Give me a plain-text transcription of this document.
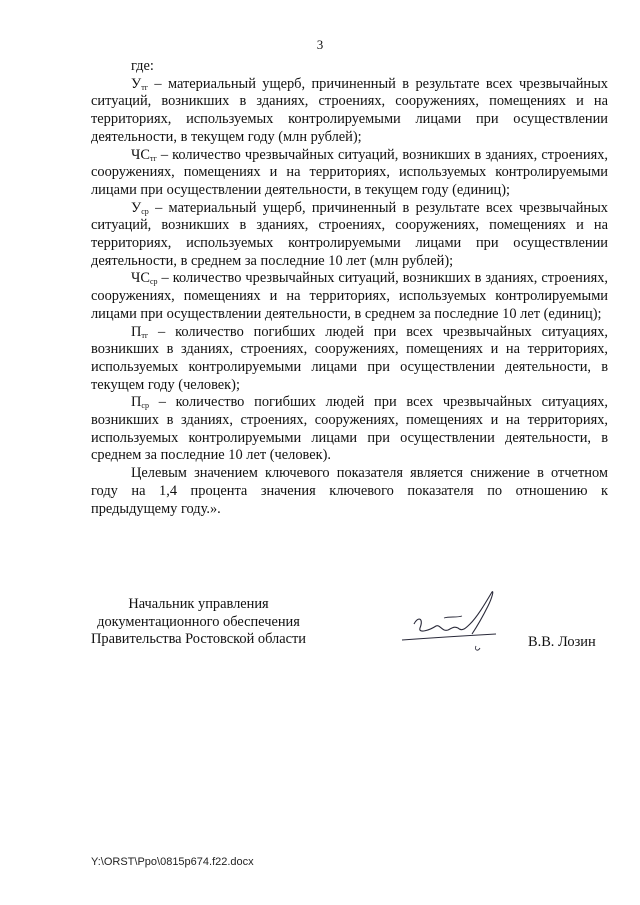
3

где:

$У_{тг}$ – материальный ущерб, причиненный в результате всех чрезвычайных ситуаций, возникших в зданиях, строениях, сооружениях, помещениях и на территориях, используемых контролируемыми лицами при осуществлении деятельности, в текущем году (млн рублей);

$ЧС_{тг}$ – количество чрезвычайных ситуаций, возникших в зданиях, строениях, сооружениях, помещениях и на территориях, используемых контролируемыми лицами при осуществлении деятельности, в текущем году (единиц);

$У_{ср}$ – материальный ущерб, причиненный в результате всех чрезвычайных ситуаций, возникших в зданиях, строениях, сооружениях, помещениях и на территориях, используемых контролируемыми лицами при осуществлении деятельности, в среднем за последние 10 лет (млн рублей);

$ЧС_{ср}$ – количество чрезвычайных ситуаций, возникших в зданиях, строениях, сооружениях, помещениях и на территориях, используемых контролируемыми лицами при осуществлении деятельности, в среднем за последние 10 лет (единиц);

$П_{тг}$ – количество погибших людей при всех чрезвычайных ситуациях, возникших в зданиях, строениях, сооружениях, помещениях и на территориях, используемых контролируемыми лицами при осуществлении деятельности, в текущем году (человек);

$П_{ср}$ – количество погибших людей при всех чрезвычайных ситуациях, возникших в зданиях, строениях, сооружениях, помещениях и на территориях, используемых контролируемыми лицами при осуществлении деятельности, в среднем за последние 10 лет (человек).

Целевым значением ключевого показателя является снижение в отчетном году на 1,4 процента значения ключевого показателя по отношению к предыдущему году.».

Начальник управления
документационного обеспечения
Правительства Ростовской области	В.В. Лозин

Y:\ORST\Ppo\0815p674.f22.docx
